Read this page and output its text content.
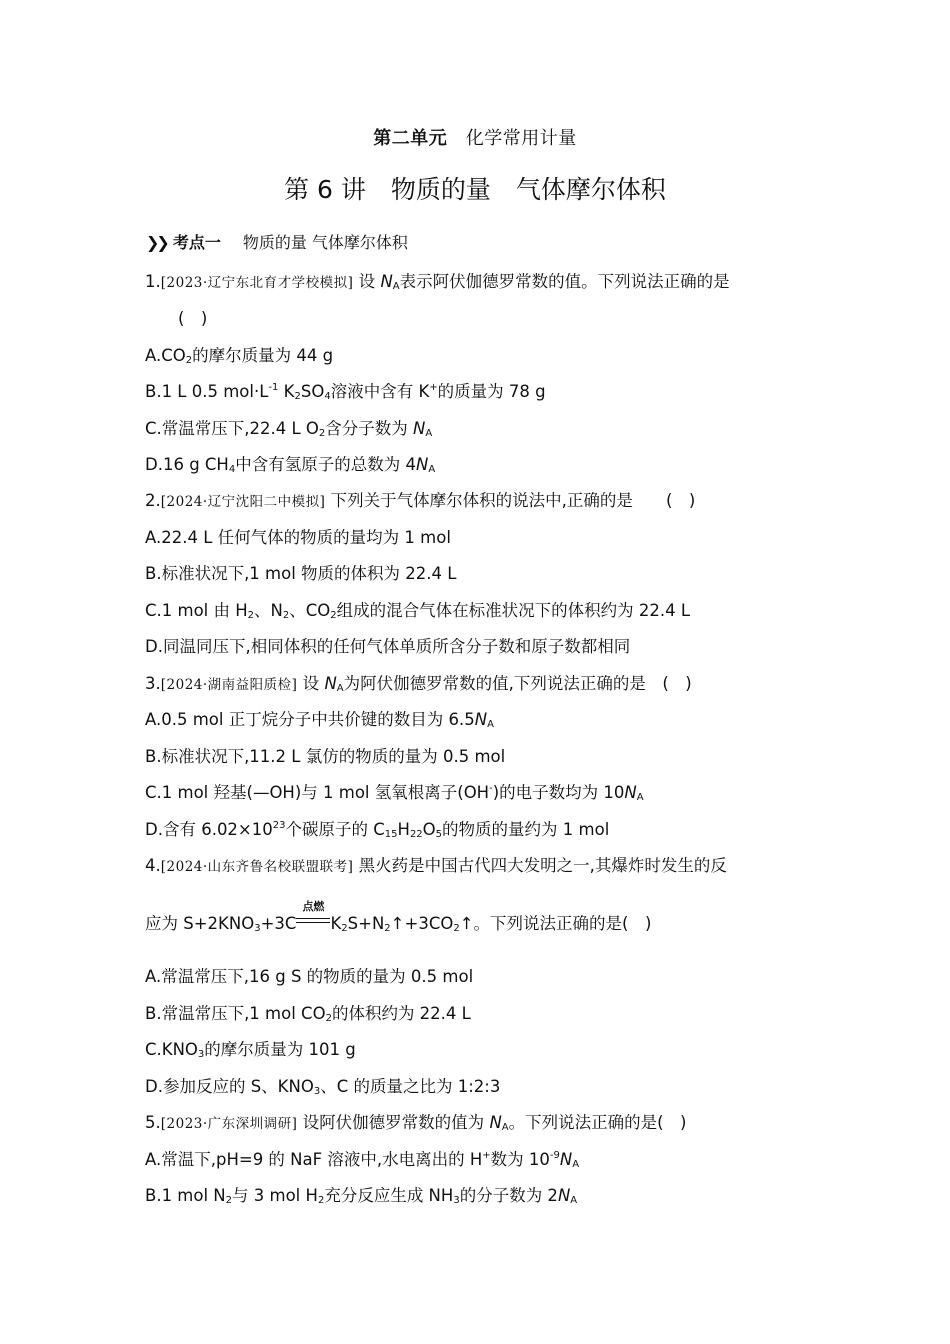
第二单元　 化学常用计量
第 6 讲　物质的量　气体摩尔体积
❯❯ 考点一　 物质的量 气体摩尔体积
1.[2023·辽宁东北育才学校模拟] 设 $N_A$表示阿伏伽德罗常数的值。下列说法正确的是
(　)
$A.CO_2$的摩尔质量为 44 g
B.1 L 0.5 $mol\cdot L^{-1}$ $K_2SO_4$溶液中含有 K+的质量为 78 g
C.常温常压下,22.4 L $O_2$含分子数为 $N_A$
D.16 g $CH_4$中含有氢原子的总数为 $4N_A$
2.[2024·辽宁沈阳二中模拟] 下列关于气体摩尔体积的说法中,正确的是　　 (　)
A.22.4 L 任何气体的物质的量均为 1 mol
B.标准状况下,1 mol 物质的体积为 22.4 L
C.1 mol 由 $H_2$、$N_2$、$CO_2$组成的混合气体在标准状况下的体积约为 22.4 L
D.同温同压下,相同体积的任何气体单质所含分子数和原子数都相同
3.[2024·湖南益阳质检] 设 $N_A$为阿伏伽德罗常数的值,下列说法正确的是　 (　)
A.0.5 mol 正丁烷分子中共价键的数目为 $6.5N_A$
B.标准状况下,11.2 L 氯仿的物质的量为 0.5 mol
C.1 mol 羟基(—OH)与 1 mol 氢氧根离子(OH-)的电子数均为 $10N_A$
D.含有 $6.02\times 10^{23}$个碳原子的 $C_{15}H_{22}O_5$的物质的量约为 1 mol
4.[2024·山东齐鲁名校联盟联考] 黑火药是中国古代四大发明之一,其爆炸时发生的反
应为 $S+2KNO_3+3C$
点燃
$K_2S+N_2↑+3CO_2↑$。下列说法正确的是(　)
A.常温常压下,16 g S 的物质的量为 0.5 mol
B.常温常压下,1 mol $CO_2$的体积约为 22.4 L
$C.KNO_3$的摩尔质量为 101 g
D.参加反应的 S、$KNO_3$、C 的质量之比为 1:2:3
5.[2023·广东深圳调研] 设阿伏伽德罗常数的值为 $N_A$。下列说法正确的是(　)
A.常温下,pH=9 的 NaF 溶液中,水电离出的 H+数为 $10^{-9}N_A$
B.1 mol $N_2$与 3 mol $H_2$充分反应生成 $NH_3$的分子数为 $2N_A$
